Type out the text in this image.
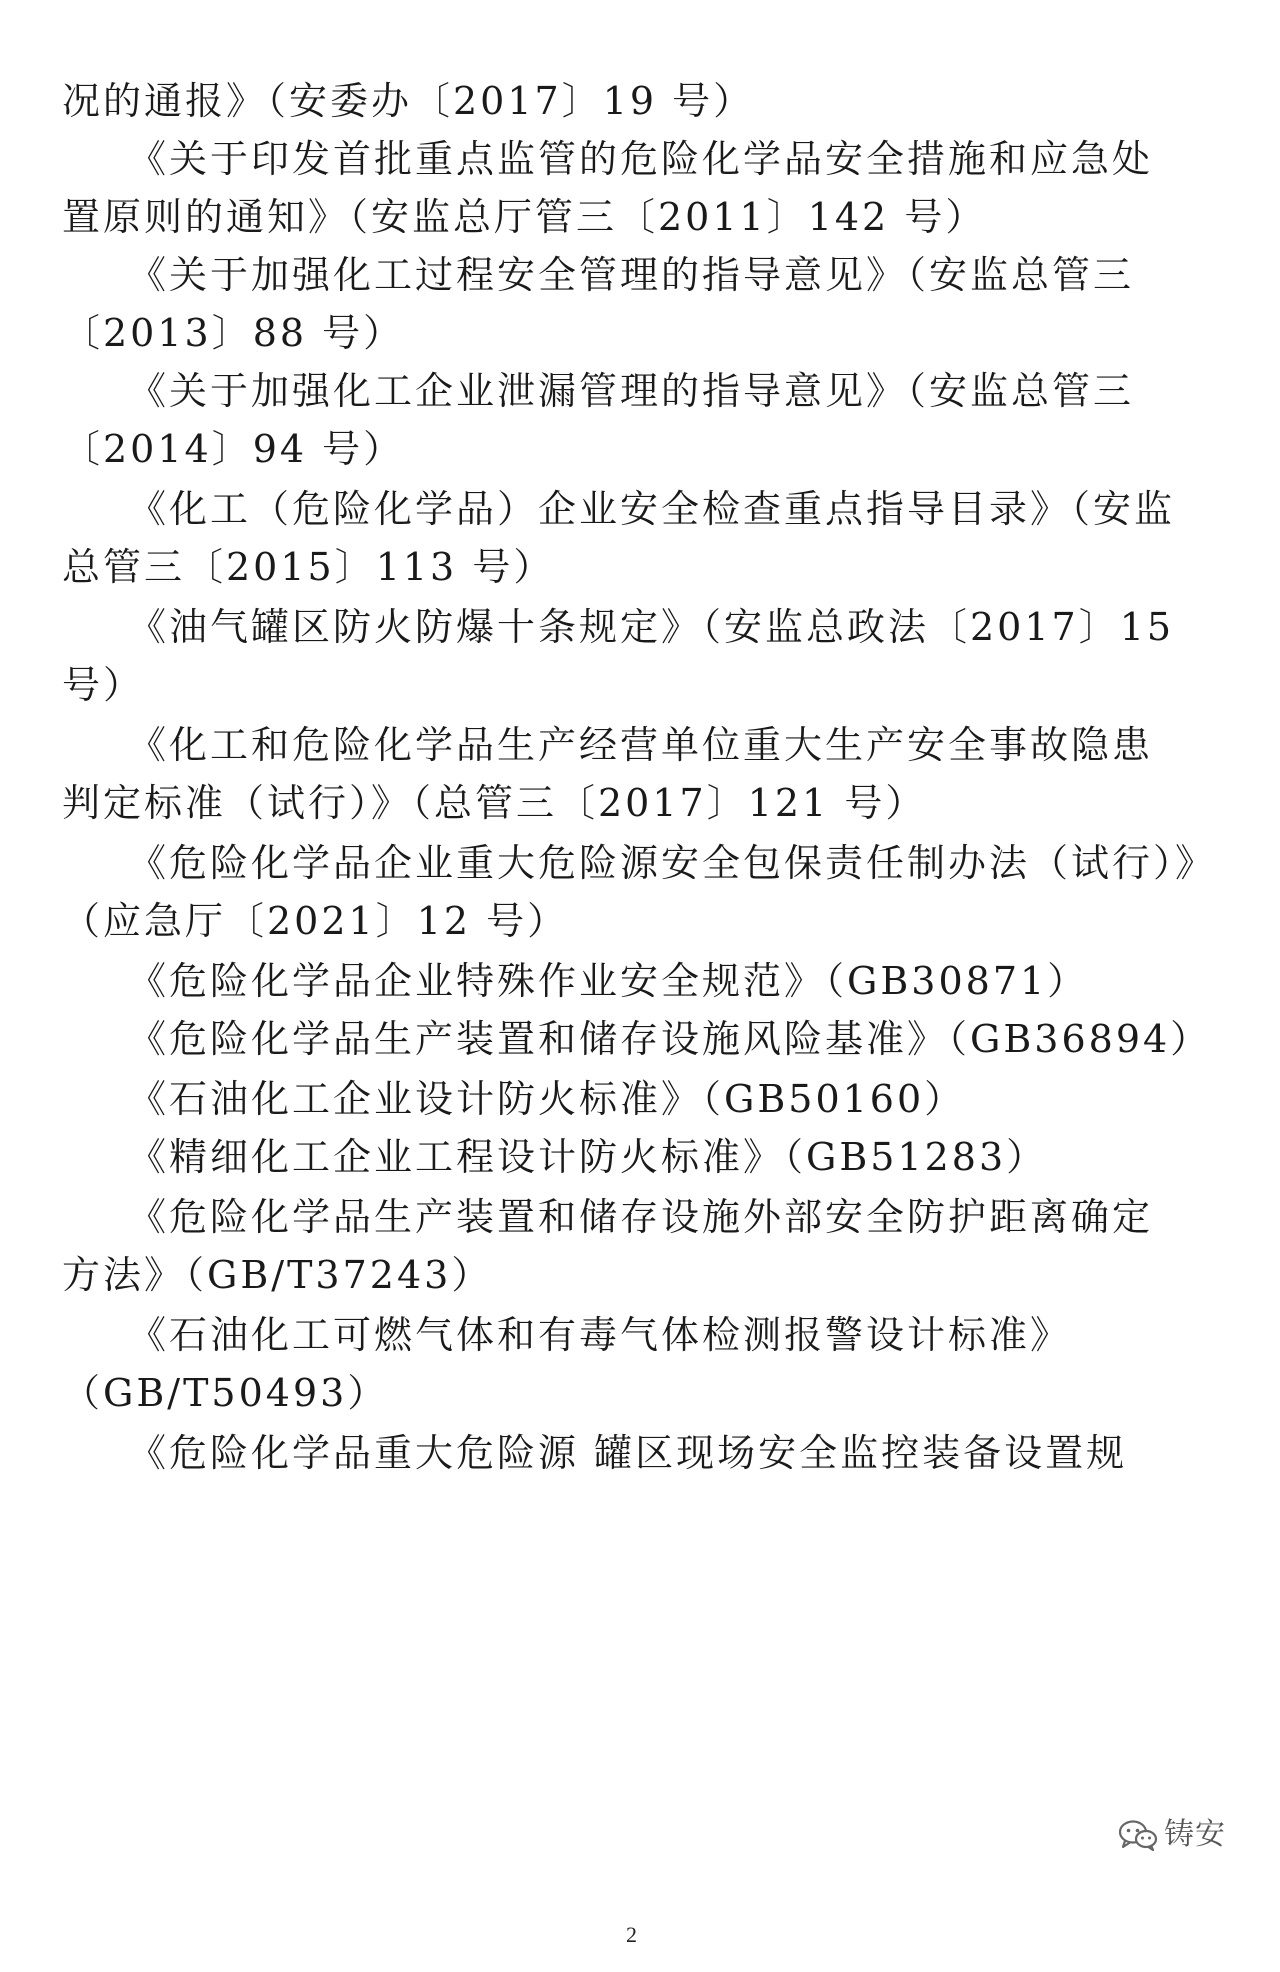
况的通报》（安委办〔2017〕19 号）
《关于印发首批重点监管的危险化学品安全措施和应急处
置原则的通知》（安监总厅管三〔2011〕142 号）
《关于加强化工过程安全管理的指导意见》（安监总管三
〔2013〕88 号）
《关于加强化工企业泄漏管理的指导意见》（安监总管三
〔2014〕94 号）
《化工（危险化学品）企业安全检查重点指导目录》（安监
总管三〔2015〕113 号）
《油气罐区防火防爆十条规定》（安监总政法〔2017〕15
号）
《化工和危险化学品生产经营单位重大生产安全事故隐患
判定标准（试行）》（总管三〔2017〕121 号）
《危险化学品企业重大危险源安全包保责任制办法（试行）》
（应急厅〔2021〕12 号）
《危险化学品企业特殊作业安全规范》（GB30871）
《危险化学品生产装置和储存设施风险基准》（GB36894）
《石油化工企业设计防火标准》（GB50160）
《精细化工企业工程设计防火标准》（GB51283）
《危险化学品生产装置和储存设施外部安全防护距离确定
方法》（GB/T37243）
《石油化工可燃气体和有毒气体检测报警设计标准》
（GB/T50493）
《危险化学品重大危险源 罐区现场安全监控装备设置规
铸安
2
